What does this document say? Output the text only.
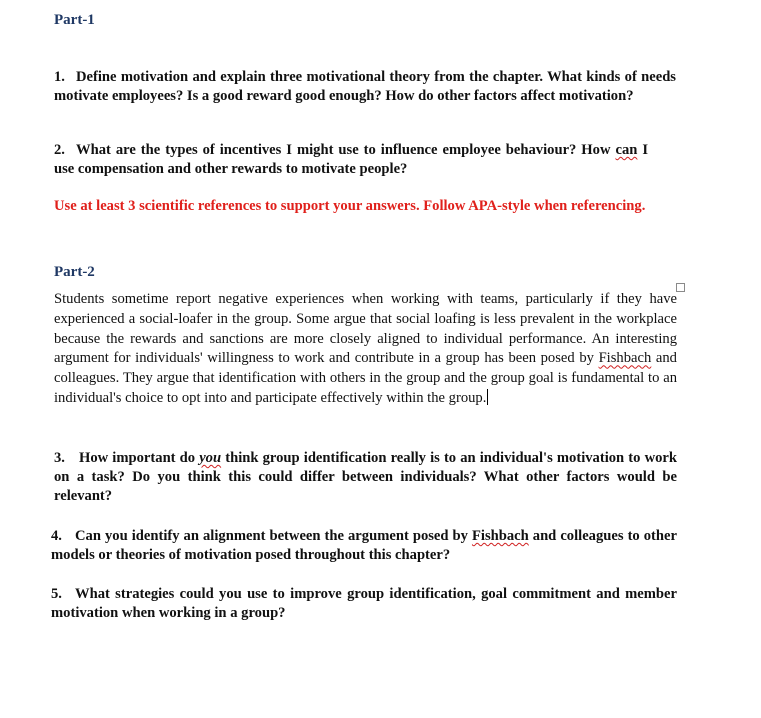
Part-1
1. Define motivation and explain three motivational theory from the chapter. What kinds of needs motivate employees? Is a good reward good enough? How do other factors affect motivation?
2. What are the types of incentives I might use to influence employee behaviour? How can I use compensation and other rewards to motivate people?
Use at least 3 scientific references to support your answers. Follow APA-style when referencing.
Part-2
Students sometime report negative experiences when working with teams, particularly if they have experienced a social-loafer in the group. Some argue that social loafing is less prevalent in the workplace because the rewards and sanctions are more closely aligned to individual performance. An interesting argument for individuals' willingness to work and contribute in a group has been posed by Fishbach and colleagues. They argue that identification with others in the group and the group goal is fundamental to an individual's choice to opt into and participate effectively within the group.
3. How important do you think group identification really is to an individual's motivation to work on a task? Do you think this could differ between individuals? What other factors would be relevant?
4. Can you identify an alignment between the argument posed by Fishbach and colleagues to other models or theories of motivation posed throughout this chapter?
5. What strategies could you use to improve group identification, goal commitment and member motivation when working in a group?
